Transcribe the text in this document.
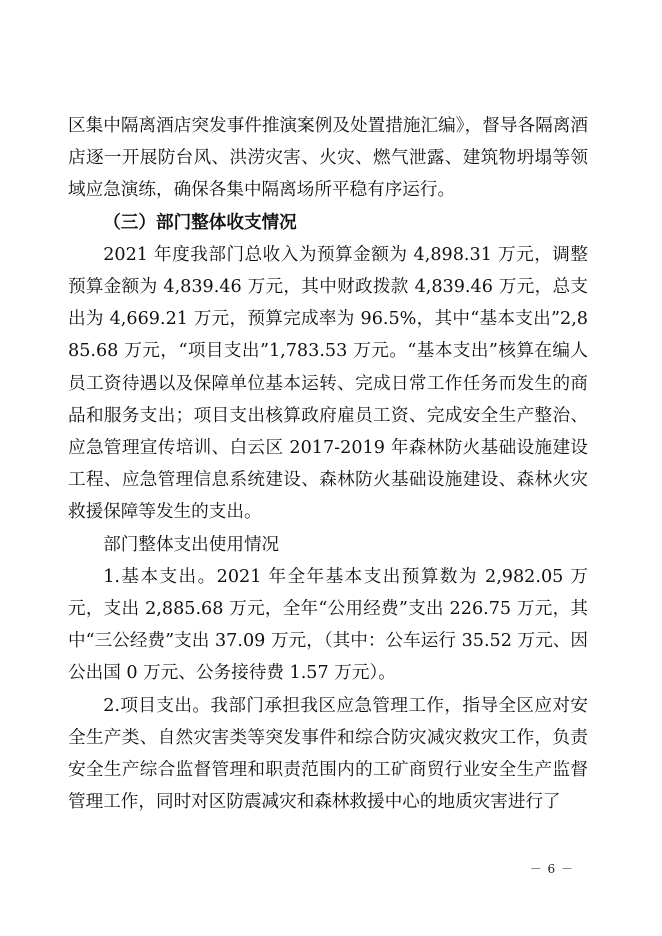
区集中隔离酒店突发事件推演案例及处置措施汇编》，督导各隔离酒店逐一开展防台风、洪涝灾害、火灾、燃气泄露、建筑物坍塌等领域应急演练，确保各集中隔离场所平稳有序运行。

（三）部门整体收支情况

2021 年度我部门总收入为预算金额为 4,898.31 万元，调整预算金额为 4,839.46 万元，其中财政拨款 4,839.46 万元，总支出为 4,669.21 万元，预算完成率为 96.5%，其中“基本支出”2,885.68 万元，“项目支出”1,783.53 万元。“基本支出”核算在编人员工资待遇以及保障单位基本运转、完成日常工作任务而发生的商品和服务支出；项目支出核算政府雇员工资、完成安全生产整治、应急管理宣传培训、白云区 2017-2019 年森林防火基础设施建设工程、应急管理信息系统建设、森林防火基础设施建设、森林火灾救援保障等发生的支出。

部门整体支出使用情况

1.基本支出。2021 年全年基本支出预算数为 2,982.05 万元，支出 2,885.68 万元，全年“公用经费”支出 226.75 万元，其中“三公经费”支出 37.09 万元，（其中：公车运行 35.52 万元、因公出国 0 万元、公务接待费 1.57 万元）。

2.项目支出。我部门承担我区应急管理工作，指导全区应对安全生产类、自然灾害类等突发事件和综合防灾减灾救灾工作，负责安全生产综合监督管理和职责范围内的工矿商贸行业安全生产监督管理工作，同时对区防震减灾和森林救援中心的地质灾害进行了

－ 6 －
